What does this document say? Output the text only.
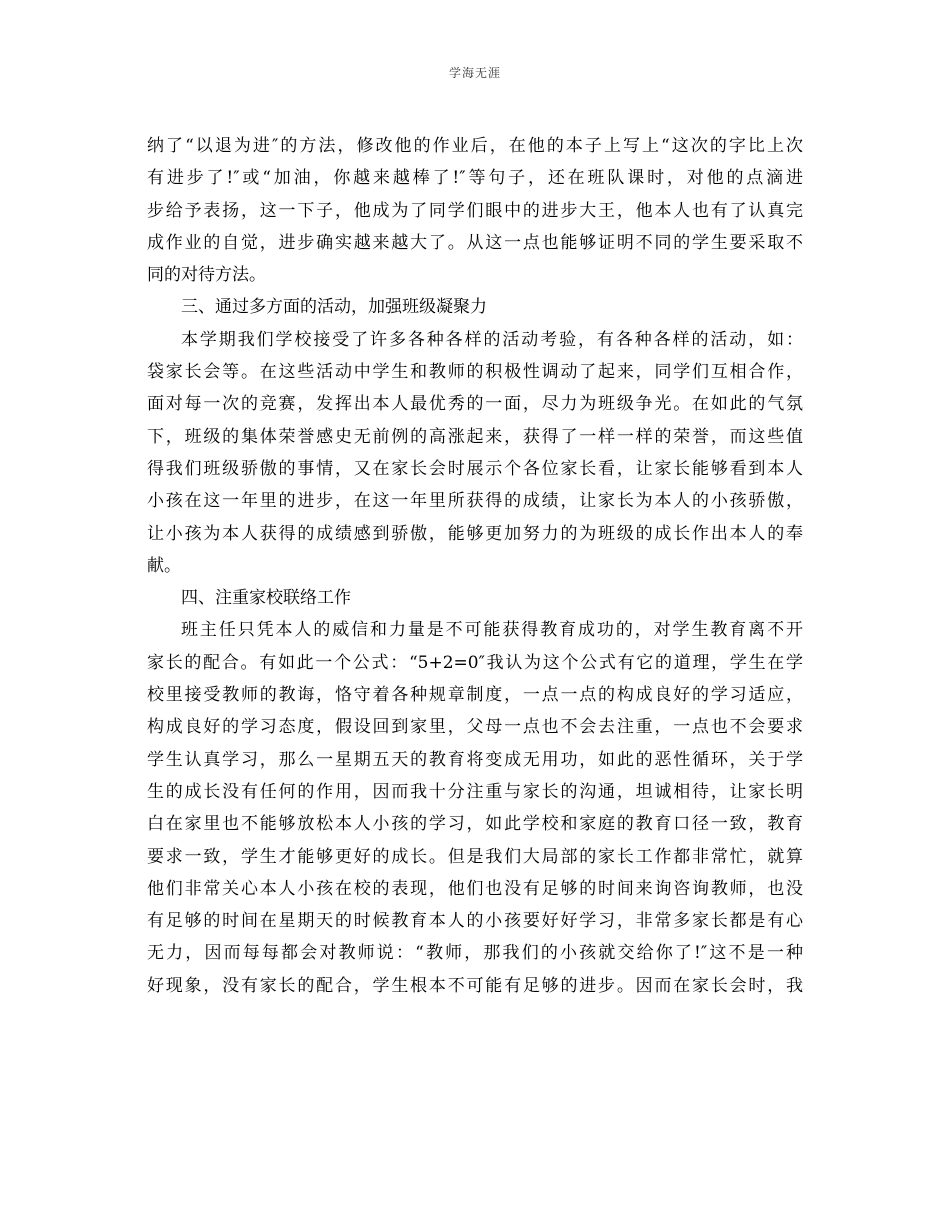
学海无涯
纳了“以退为进″的方法，修改他的作业后，在他的本子上写上“这次的字比上次
有进步了!″或“加油，你越来越棒了!″等句子，还在班队课时，对他的点滴进
步给予表扬，这一下子，他成为了同学们眼中的进步大王，他本人也有了认真完
成作业的自觉，进步确实越来越大了。从这一点也能够证明不同的学生要采取不
同的对待方法。
三、通过多方面的活动，加强班级凝聚力
本学期我们学校接受了许多各种各样的活动考验，有各种各样的活动，如：
袋家长会等。在这些活动中学生和教师的积极性调动了起来，同学们互相合作，
面对每一次的竞赛，发挥出本人最优秀的一面，尽力为班级争光。在如此的气氛
下，班级的集体荣誉感史无前例的高涨起来，获得了一样一样的荣誉，而这些值
得我们班级骄傲的事情，又在家长会时展示个各位家长看，让家长能够看到本人
小孩在这一年里的进步，在这一年里所获得的成绩，让家长为本人的小孩骄傲，
让小孩为本人获得的成绩感到骄傲，能够更加努力的为班级的成长作出本人的奉
献。
四、注重家校联络工作
班主任只凭本人的威信和力量是不可能获得教育成功的，对学生教育离不开
家长的配合。有如此一个公式：“5+2=0″我认为这个公式有它的道理，学生在学
校里接受教师的教诲，恪守着各种规章制度，一点一点的构成良好的学习适应，
构成良好的学习态度，假设回到家里，父母一点也不会去注重，一点也不会要求
学生认真学习，那么一星期五天的教育将变成无用功，如此的恶性循环，关于学
生的成长没有任何的作用，因而我十分注重与家长的沟通，坦诚相待，让家长明
白在家里也不能够放松本人小孩的学习，如此学校和家庭的教育口径一致，教育
要求一致，学生才能够更好的成长。但是我们大局部的家长工作都非常忙，就算
他们非常关心本人小孩在校的表现，他们也没有足够的时间来询咨询教师，也没
有足够的时间在星期天的时候教育本人的小孩要好好学习，非常多家长都是有心
无力，因而每每都会对教师说：“教师，那我们的小孩就交给你了!″这不是一种
好现象，没有家长的配合，学生根本不可能有足够的进步。因而在家长会时，我
